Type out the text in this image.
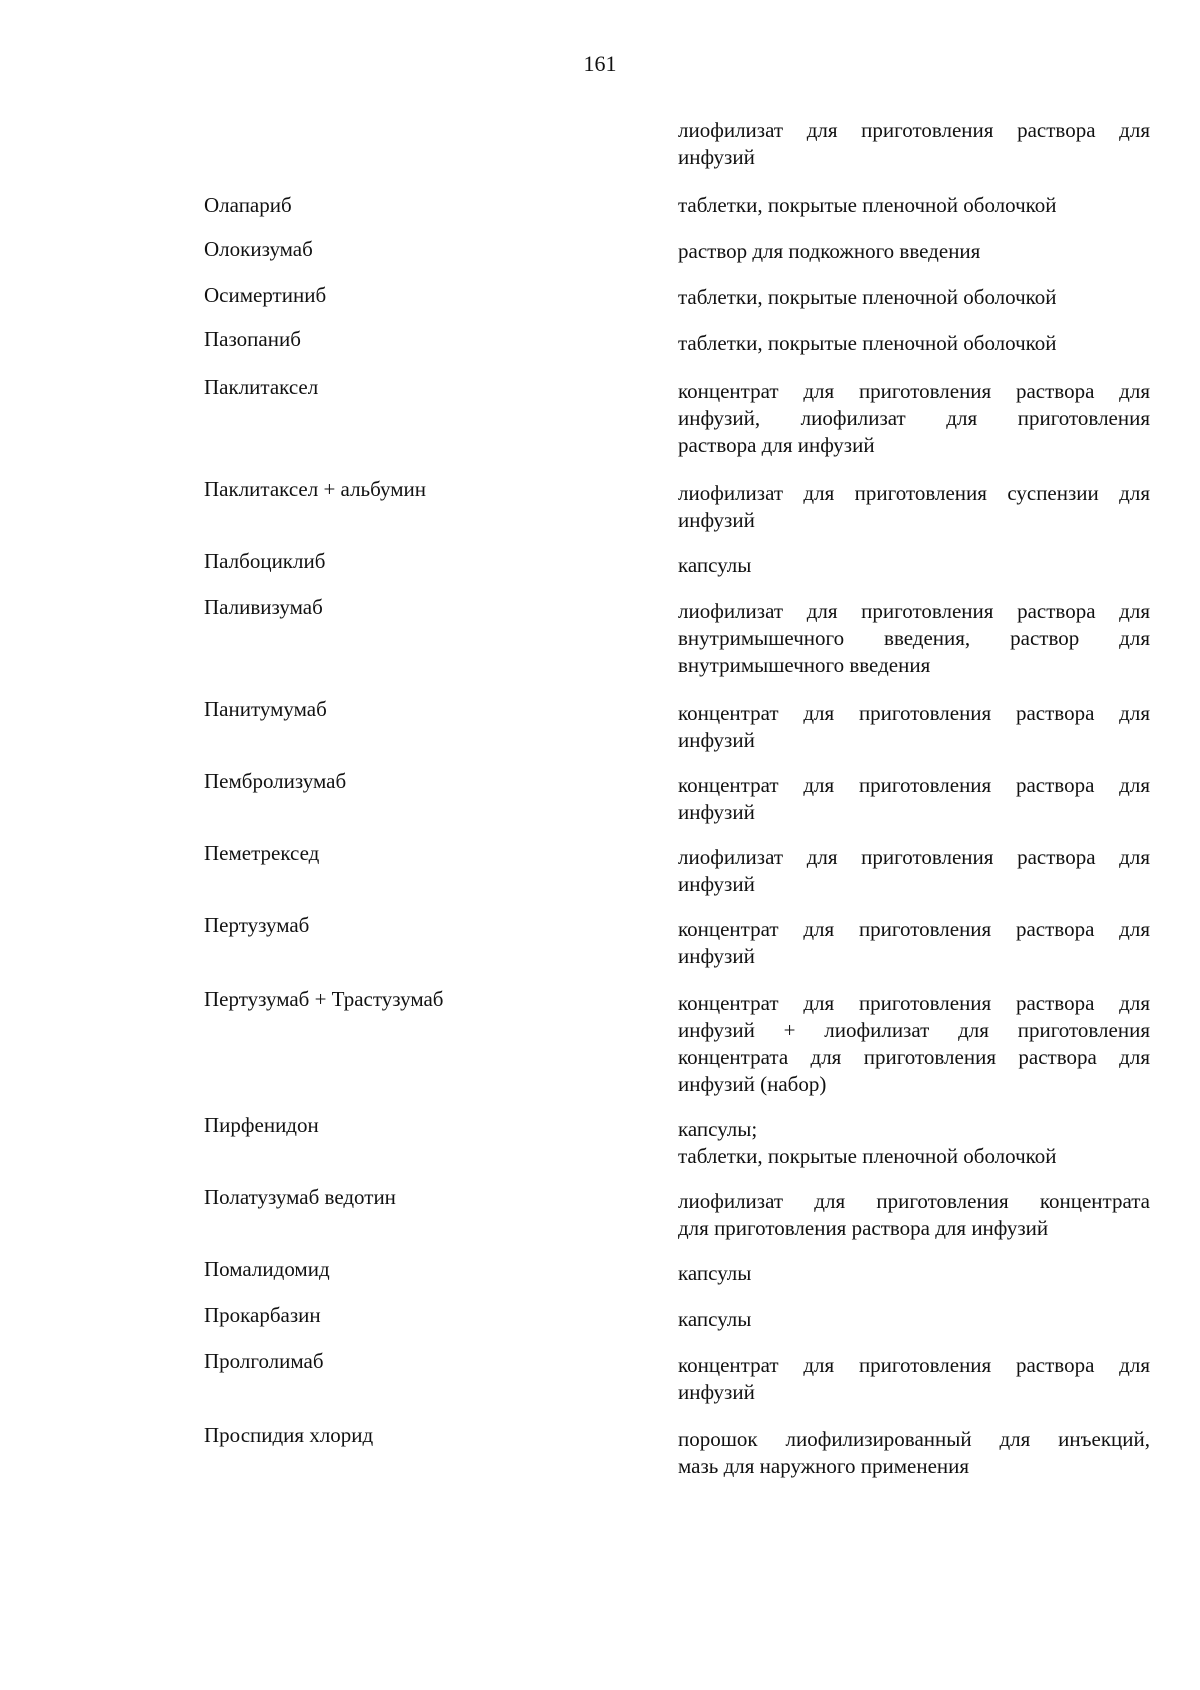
161
лиофилизат для приготовления раствора для
инфузий
Олапариб	таблетки, покрытые пленочной оболочкой
Олокизумаб	раствор для подкожного введения
Осимертиниб	таблетки, покрытые пленочной оболочкой
Пазопаниб	таблетки, покрытые пленочной оболочкой
Паклитаксел	концентрат для приготовления раствора для
инфузий, лиофилизат для приготовления
раствора для инфузий
Паклитаксел + альбумин	лиофилизат для приготовления суспензии для
инфузий
Палбоциклиб	капсулы
Паливизумаб	лиофилизат для приготовления раствора для
внутримышечного введения, раствор для
внутримышечного введения
Панитумумаб	концентрат для приготовления раствора для
инфузий
Пембролизумаб	концентрат для приготовления раствора для
инфузий
Пеметрексед	лиофилизат для приготовления раствора для
инфузий
Пертузумаб	концентрат для приготовления раствора для
инфузий
Пертузумаб + Трастузумаб	концентрат для приготовления раствора для
инфузий + лиофилизат для приготовления
концентрата для приготовления раствора для
инфузий (набор)
Пирфенидон	капсулы;
таблетки, покрытые пленочной оболочкой
Полатузумаб ведотин	лиофилизат для приготовления концентрата
для приготовления раствора для инфузий
Помалидомид	капсулы
Прокарбазин	капсулы
Пролголимаб	концентрат для приготовления раствора для
инфузий
Проспидия хлорид	порошок лиофилизированный для инъекций,
мазь для наружного применения
